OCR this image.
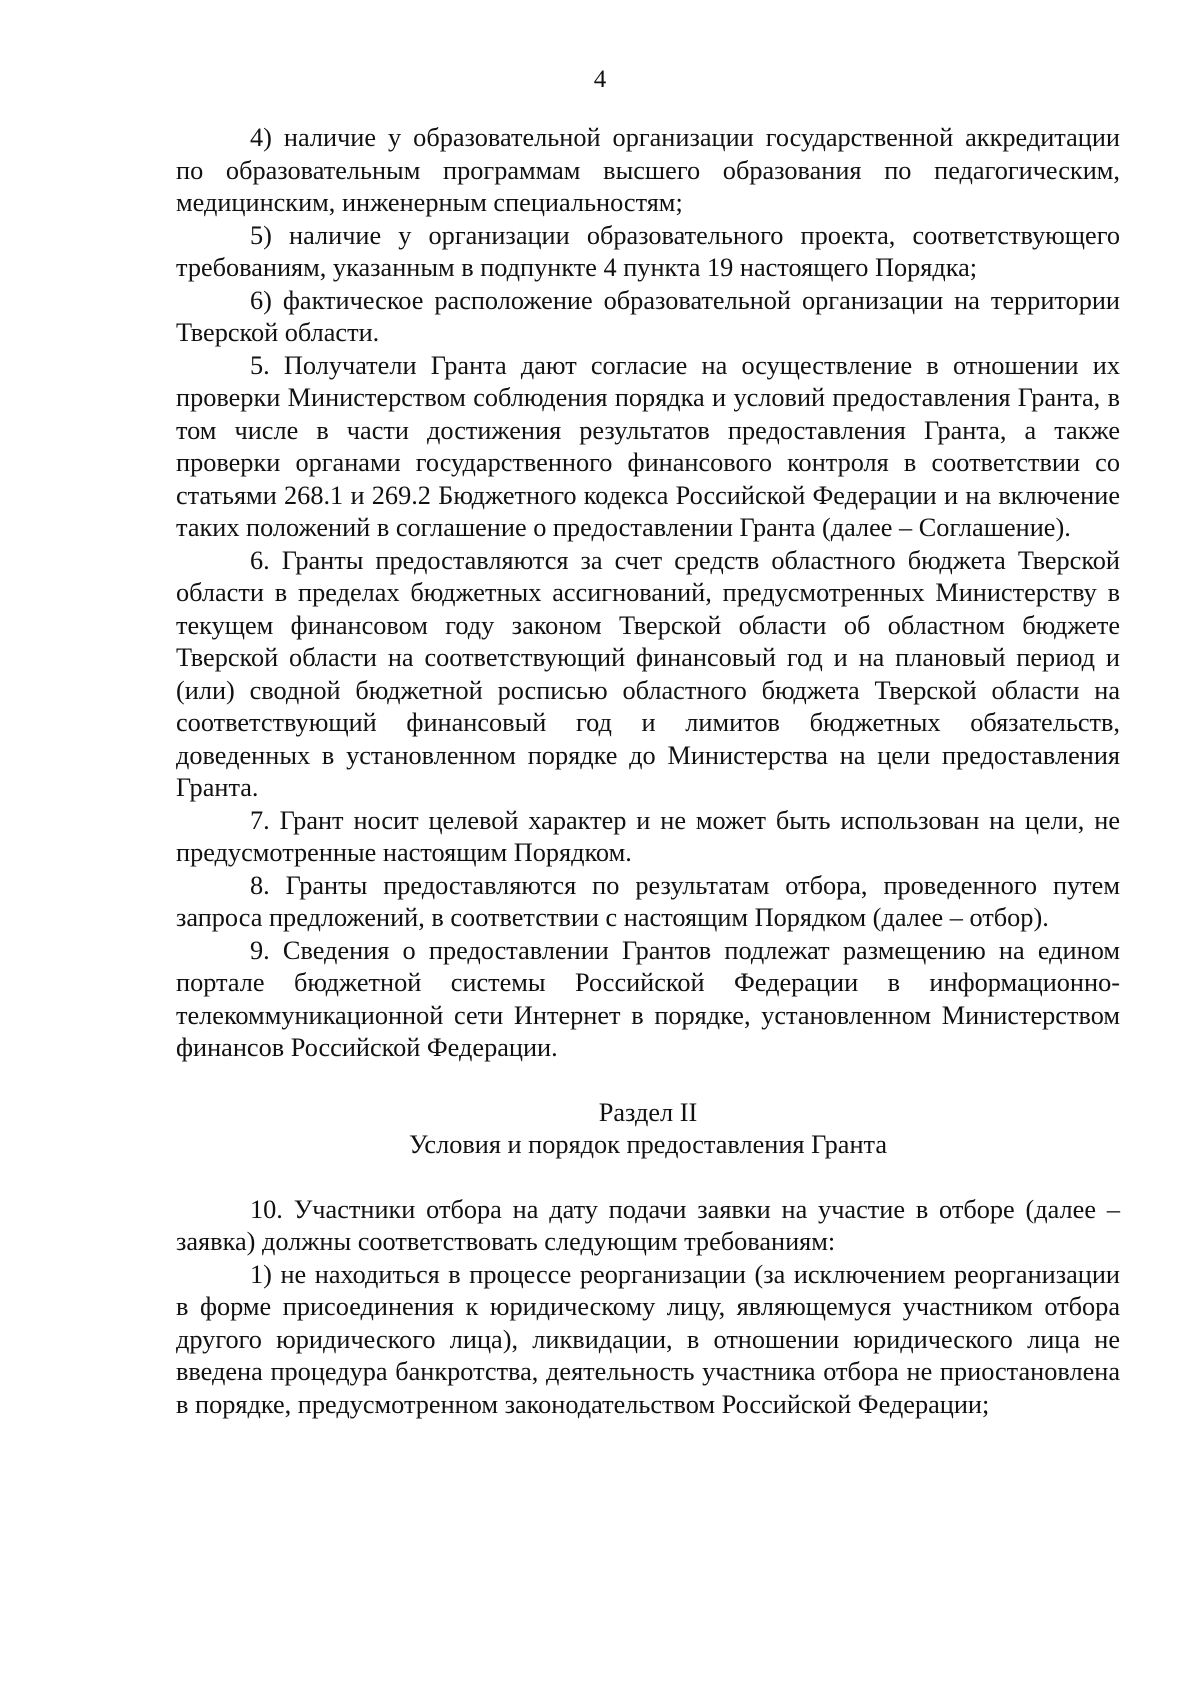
4

4) наличие у образовательной организации государственной аккредитации по образовательным программам высшего образования по педагогическим, медицинским, инженерным специальностям;

5) наличие у организации образовательного проекта, соответствующего требованиям, указанным в подпункте 4 пункта 19 настоящего Порядка;

6) фактическое расположение образовательной организации на территории Тверской области.

5. Получатели Гранта дают согласие на осуществление в отношении их проверки Министерством соблюдения порядка и условий предоставления Гранта, в том числе в части достижения результатов предоставления Гранта, а также проверки органами государственного финансового контроля в соответствии со статьями 268.1 и 269.2 Бюджетного кодекса Российской Федерации и на включение таких положений в соглашение о предоставлении Гранта (далее – Соглашение).

6. Гранты предоставляются за счет средств областного бюджета Тверской области в пределах бюджетных ассигнований, предусмотренных Министерству в текущем финансовом году законом Тверской области об областном бюджете Тверской области на соответствующий финансовый год и на плановый период и (или) сводной бюджетной росписью областного бюджета Тверской области на соответствующий финансовый год и лимитов бюджетных обязательств, доведенных в установленном порядке до Министерства на цели предоставления Гранта.

7. Грант носит целевой характер и не может быть использован на цели, не предусмотренные настоящим Порядком.

8. Гранты предоставляются по результатам отбора, проведенного путем запроса предложений, в соответствии с настоящим Порядком (далее – отбор).

9. Сведения о предоставлении Грантов подлежат размещению на едином портале бюджетной системы Российской Федерации в информационно-телекоммуникационной сети Интернет в порядке, установленном Министерством финансов Российской Федерации.

Раздел II
Условия и порядок предоставления Гранта

10. Участники отбора на дату подачи заявки на участие в отборе (далее – заявка) должны соответствовать следующим требованиям:

1) не находиться в процессе реорганизации (за исключением реорганизации в форме присоединения к юридическому лицу, являющемуся участником отбора другого юридического лица), ликвидации, в отношении юридического лица не введена процедура банкротства, деятельность участника отбора не приостановлена в порядке, предусмотренном законодательством Российской Федерации;
